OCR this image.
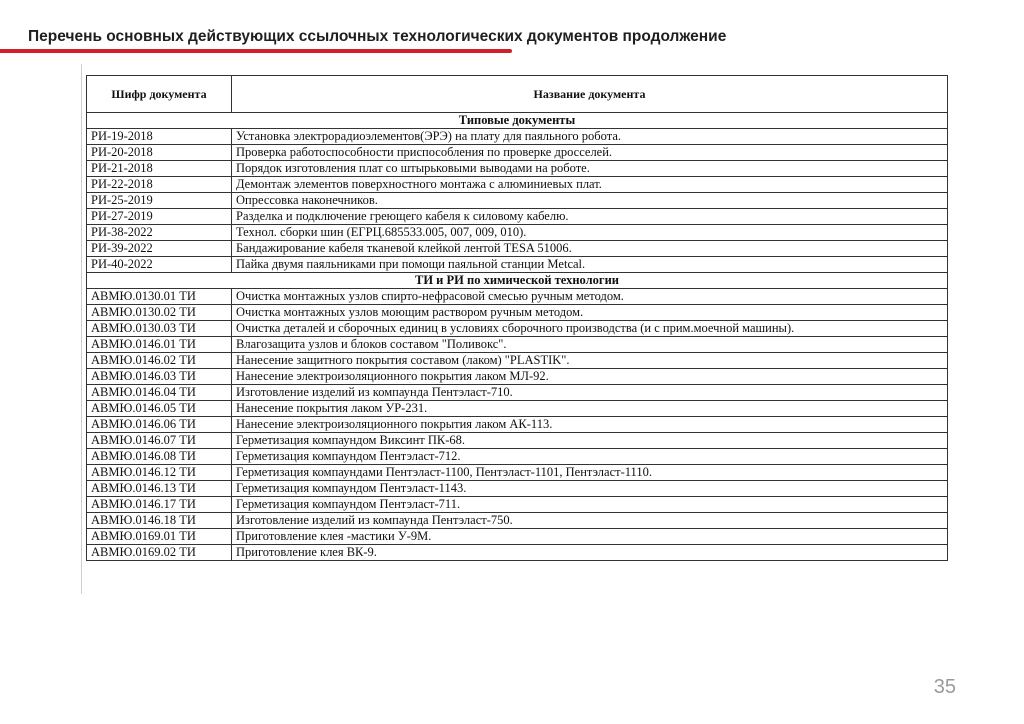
Перечень основных действующих ссылочных технологических документов продолжение
Шифр документа	Название документа
Типовые документы	
РИ-19-2018	Установка электрорадиоэлементов(ЭРЭ) на плату для паяльного робота.
РИ-20-2018	Проверка работоспособности приспособления по проверке дросселей.
РИ-21-2018	Порядок изготовления плат со штырьковыми выводами на роботе.
РИ-22-2018	Демонтаж элементов поверхностного монтажа с алюминиевых плат.
РИ-25-2019	Опрессовка наконечников.
РИ-27-2019	Разделка и подключение греющего кабеля к силовому кабелю.
РИ-38-2022	Технол. сборки шин (ЕГРЦ.685533.005, 007, 009, 010).
РИ-39-2022	Бандажирование кабеля тканевой клейкой лентой TESA 51006.
РИ-40-2022	Пайка двумя паяльниками при помощи паяльной станции Metcal.
ТИ и РИ по химической технологии	
АВМЮ.0130.01 ТИ	Очистка монтажных узлов спирто-нефрасовой смесью ручным методом.
АВМЮ.0130.02 ТИ	Очистка монтажных узлов моющим раствором ручным методом.
АВМЮ.0130.03 ТИ	Очистка деталей и сборочных единиц в условиях сборочного производства (и с прим.моечной машины).
АВМЮ.0146.01 ТИ	Влагозащита узлов и блоков составом "Поливокс".
АВМЮ.0146.02 ТИ	Нанесение защитного покрытия составом (лаком) "PLASTIK".
АВМЮ.0146.03 ТИ	Нанесение электроизоляционного покрытия лаком МЛ-92.
АВМЮ.0146.04 ТИ	Изготовление изделий из компаунда Пентэласт-710.
АВМЮ.0146.05 ТИ	Нанесение покрытия лаком УР-231.
АВМЮ.0146.06 ТИ	Нанесение электроизоляционного покрытия лаком АК-113.
АВМЮ.0146.07 ТИ	Герметизация компаундом Виксинт ПК-68.
АВМЮ.0146.08 ТИ	Герметизация компаундом Пентэласт-712.
АВМЮ.0146.12 ТИ	Герметизация компаундами Пентэласт-1100, Пентэласт-1101, Пентэласт-1110.
АВМЮ.0146.13 ТИ	Герметизация компаундом Пентэласт-1143.
АВМЮ.0146.17 ТИ	Герметизация компаундом Пентэласт-711.
АВМЮ.0146.18 ТИ	Изготовление изделий из компаунда Пентэласт-750.
АВМЮ.0169.01 ТИ	Приготовление клея -мастики У-9М.
АВМЮ.0169.02 ТИ	Приготовление клея ВК-9.
35
